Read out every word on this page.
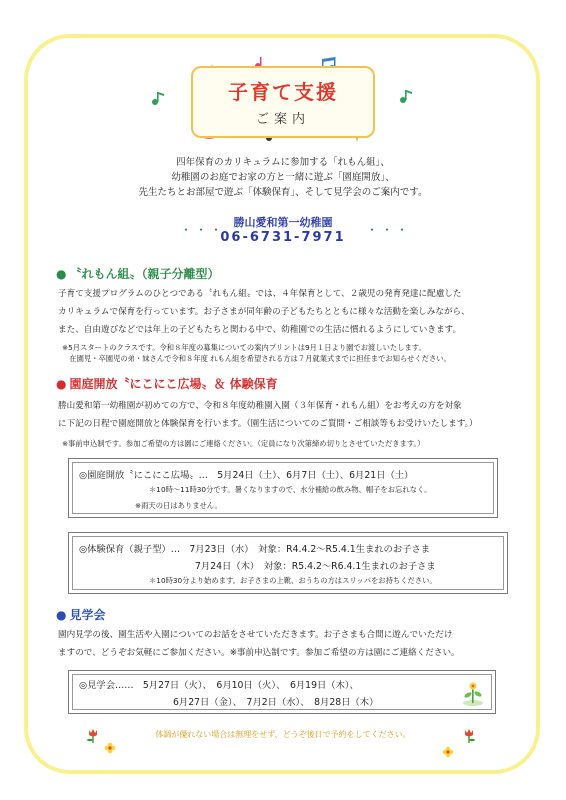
子育て支援
ご案内
四年保育のカリキュラムに参加する「れもん組」、
幼稚園のお庭でお家の方と一緒に遊ぶ「園庭開放」、
先生たちとお部屋で遊ぶ「体験保育」、そして見学会のご案内です。
・・・	・・・
勝山愛和第一幼稚園
06-6731-7971
● 〝れもん組〟（親子分離型）
子育て支援プログラムのひとつである〝れもん組〟では、４年保育として、２歳児の発育発達に配慮した
カリキュラムで保育を行っています。お子さまが同年齢の子どもたちとともに様々な活動を楽しみながら、
また、自由遊びなどでは年上の子どもたちと関わる中で、幼稚園での生活に慣れるようにしていきます。
※5月スタートのクラスです。令和８年度の募集についての案内プリントは9月１日より園でお渡しいたします。
　在園児・卒園児の弟・妹さんで令和８年度 れもん組を希望される方は７月就業式までに担任までお知らせください。
● 園庭開放〝にこにこ広場〟＆ 体験保育
勝山愛和第一幼稚園が初めての方で、令和８年度幼稚園入園（３年保育・れもん組）をお考えの方を対象
に下記の日程で園庭開放と体験保育を行います。（園生活についてのご質問・ご相談等もお受けいたします。）
※事前申込制です。参加ご希望の方は園にご連絡ください。（定員になり次第締め切りとさせていただきます。）
◎園庭開放〝にこにこ広場〟…　5月24日（土）、6月7日（土）、6月21日（土）
＊10時～11時30分です。暑くなりますので、水分補給の飲み物、帽子をお忘れなく。
※雨天の日はありません。
◎体験保育（親子型）…　7月23日（水）　対象：R4.4.2～R5.4.1生まれのお子さま
7月24日（木）　対象：R5.4.2～R6.4.1生まれのお子さま
＊10時30分より始めます。お子さまの上靴、おうちの方はスリッパをお持ちください。
● 見学会
園内見学の後、園生活や入園についてのお話をさせていただきます。お子さまも合間に遊んでいただけ
ますので、どうぞお気軽にご参加ください。※事前申込制です。参加ご希望の方は園にご連絡ください。
◎見学会……　5月27日（火）、　6月10日（火）、　6月19日（木）、
6月27日（金）、　7月2日（水）、　8月28日（木）
体調が優れない場合は無理をせず、どうぞ後日で予約をしてください。
